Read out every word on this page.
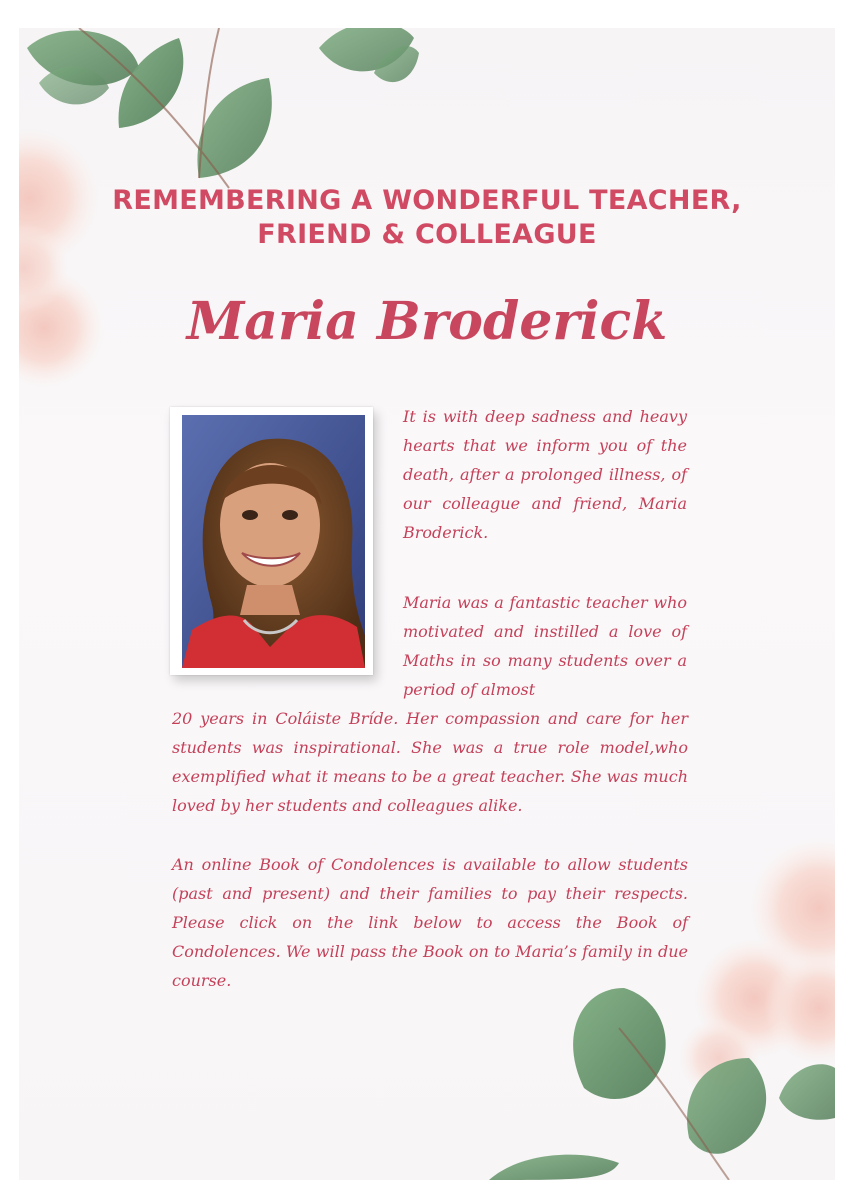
REMEMBERING A WONDERFUL TEACHER,
FRIEND & COLLEAGUE
Maria Broderick
It is with deep sadness and heavy hearts that we inform you of the death, after a prolonged illness, of our colleague and friend, Maria Broderick.
Maria was a fantastic teacher who motivated and instilled a love of Maths in so many students over a period of almost
20 years in Coláiste Bríde. Her compassion and care for her students was inspirational. She was a true role model,who exemplified what it means to be a great teacher. She was much loved by her students and colleagues alike.
An online Book of Condolences is available to allow students (past and present) and their families to pay their respects. Please click on the link below to access the Book of Condolences. We will pass the Book on to Maria’s family in due course.
